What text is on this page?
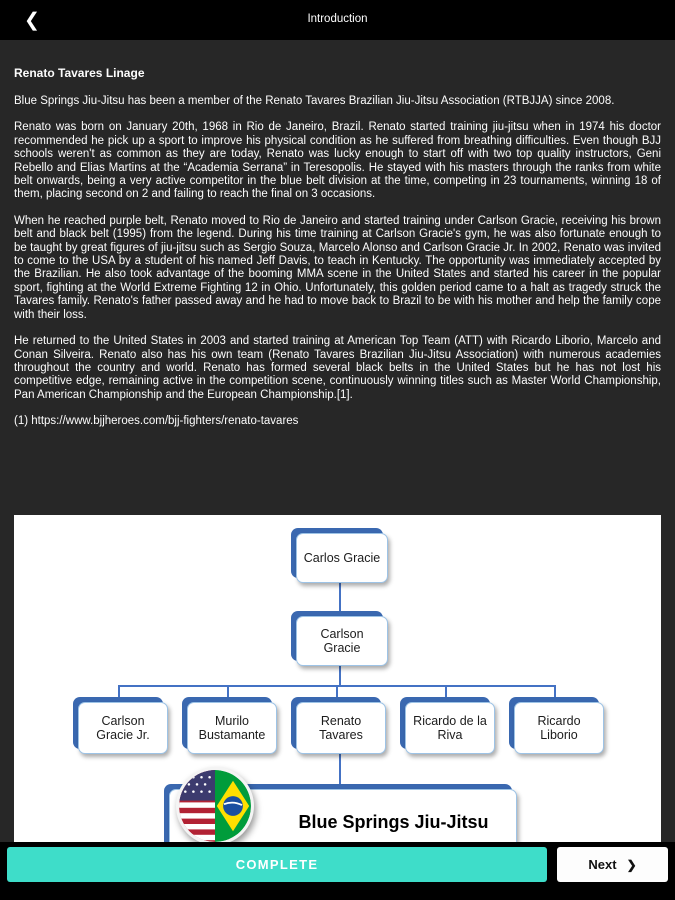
❮	Introduction
Renato Tavares Linage

Blue Springs Jiu-Jitsu has been a member of the Renato Tavares Brazilian Jiu-Jitsu Association (RTBJJA) since 2008.

Renato was born on January 20th, 1968 in Rio de Janeiro, Brazil. Renato started training jiu-jitsu when in 1974 his doctor recommended he pick up a sport to improve his physical condition as he suffered from breathing difficulties. Even though BJJ schools weren't as common as they are today, Renato was lucky enough to start off with two top quality instructors, Geni Rebello and Elias Martins at the “Academia Serrana” in Teresopolis. He stayed with his masters through the ranks from white belt onwards, being a very active competitor in the blue belt division at the time, competing in 23 tournaments, winning 18 of them, placing second on 2 and failing to reach the final on 3 occasions.

When he reached purple belt, Renato moved to Rio de Janeiro and started training under Carlson Gracie, receiving his brown belt and black belt (1995) from the legend. During his time training at Carlson Gracie's gym, he was also fortunate enough to be taught by great figures of jiu-jitsu such as Sergio Souza, Marcelo Alonso and Carlson Gracie Jr. In 2002, Renato was invited to come to the USA by a student of his named Jeff Davis, to teach in Kentucky. The opportunity was immediately accepted by the Brazilian. He also took advantage of the booming MMA scene in the United States and started his career in the popular sport, fighting at the World Extreme Fighting 12 in Ohio. Unfortunately, this golden period came to a halt as tragedy struck the Tavares family. Renato's father passed away and he had to move back to Brazil to be with his mother and help the family cope with their loss.

He returned to the United States in 2003 and started training at American Top Team (ATT) with Ricardo Liborio, Marcelo and Conan Silveira. Renato also has his own team (Renato Tavares Brazilian Jiu-Jitsu Association) with numerous academies throughout the country and world. Renato has formed several black belts in the United States but he has not lost his competitive edge, remaining active in the competition scene, continuously winning titles such as Master World Championship, Pan American Championship and the European Championship.[1].

(1) https://www.bjjheroes.com/bjj-fighters/renato-tavares

Carlos Gracie
Carlson Gracie
Carlson Gracie Jr.
Murilo Bustamante
Renato Tavares
Ricardo de la Riva
Ricardo Liborio
Blue Springs Jiu-Jitsu
COMPLETE	Next ❯
